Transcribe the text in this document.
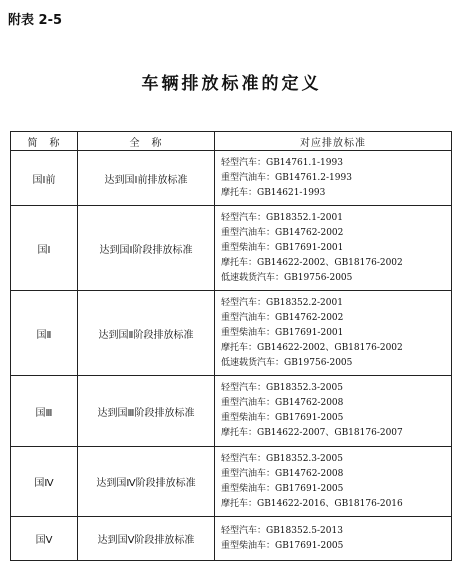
附表 2-5
车辆排放标准的定义
简　称	全　称	对应排放标准
国Ⅰ前	达到国Ⅰ前排放标准	轻型汽车：GB14761.1-1993
重型汽油车：GB14761.2-1993
摩托车：GB14621-1993

国Ⅰ	达到国Ⅰ阶段排放标准	轻型汽车：GB18352.1-2001
重型汽油车：GB14762-2002
重型柴油车：GB17691-2001
摩托车：GB14622-2002、GB18176-2002
低速载货汽车：GB19756-2005

国Ⅱ	达到国Ⅱ阶段排放标准	轻型汽车：GB18352.2-2001
重型汽油车：GB14762-2002
重型柴油车：GB17691-2001
摩托车：GB14622-2002、GB18176-2002
低速载货汽车：GB19756-2005

国Ⅲ	达到国Ⅲ阶段排放标准	轻型汽车：GB18352.3-2005
重型汽油车：GB14762-2008
重型柴油车：GB17691-2005
摩托车：GB14622-2007、GB18176-2007

国Ⅳ	达到国Ⅳ阶段排放标准	轻型汽车：GB18352.3-2005
重型汽油车：GB14762-2008
重型柴油车：GB17691-2005
摩托车：GB14622-2016、GB18176-2016

国Ⅴ	达到国Ⅴ阶段排放标准	轻型汽车：GB18352.5-2013
重型柴油车：GB17691-2005
